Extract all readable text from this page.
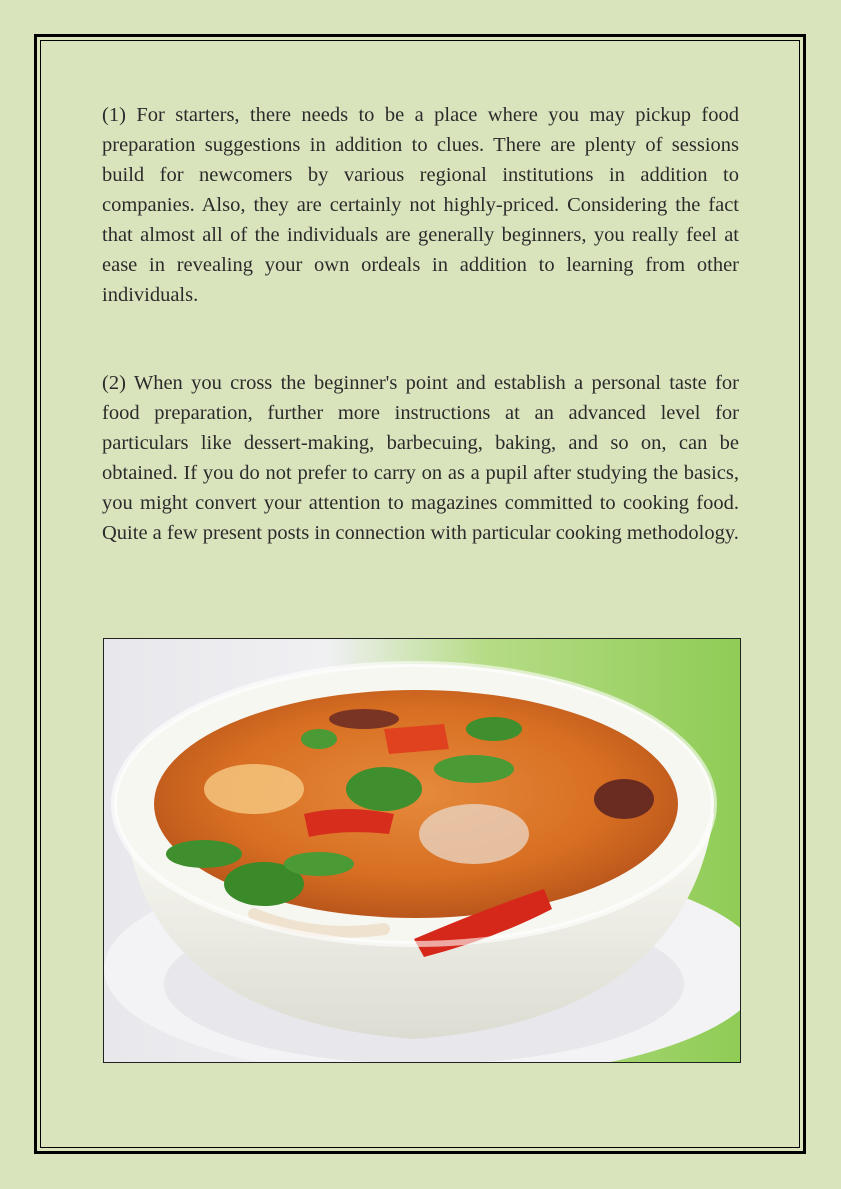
(1) For starters, there needs to be a place where you may pickup food preparation suggestions in addition to clues. There are plenty of sessions build for newcomers by various regional institutions in addition to companies. Also, they are certainly not highly-priced. Considering the fact that almost all of the individuals are generally beginners, you really feel at ease in revealing your own ordeals in addition to learning from other individuals.

(2) When you cross the beginner's point and establish a personal taste for food preparation, further more instructions at an advanced level for particulars like dessert-making, barbecuing, baking, and so on, can be obtained. If you do not prefer to carry on as a pupil after studying the basics, you might convert your attention to magazines committed to cooking food. Quite a few present posts in connection with particular cooking methodology.
